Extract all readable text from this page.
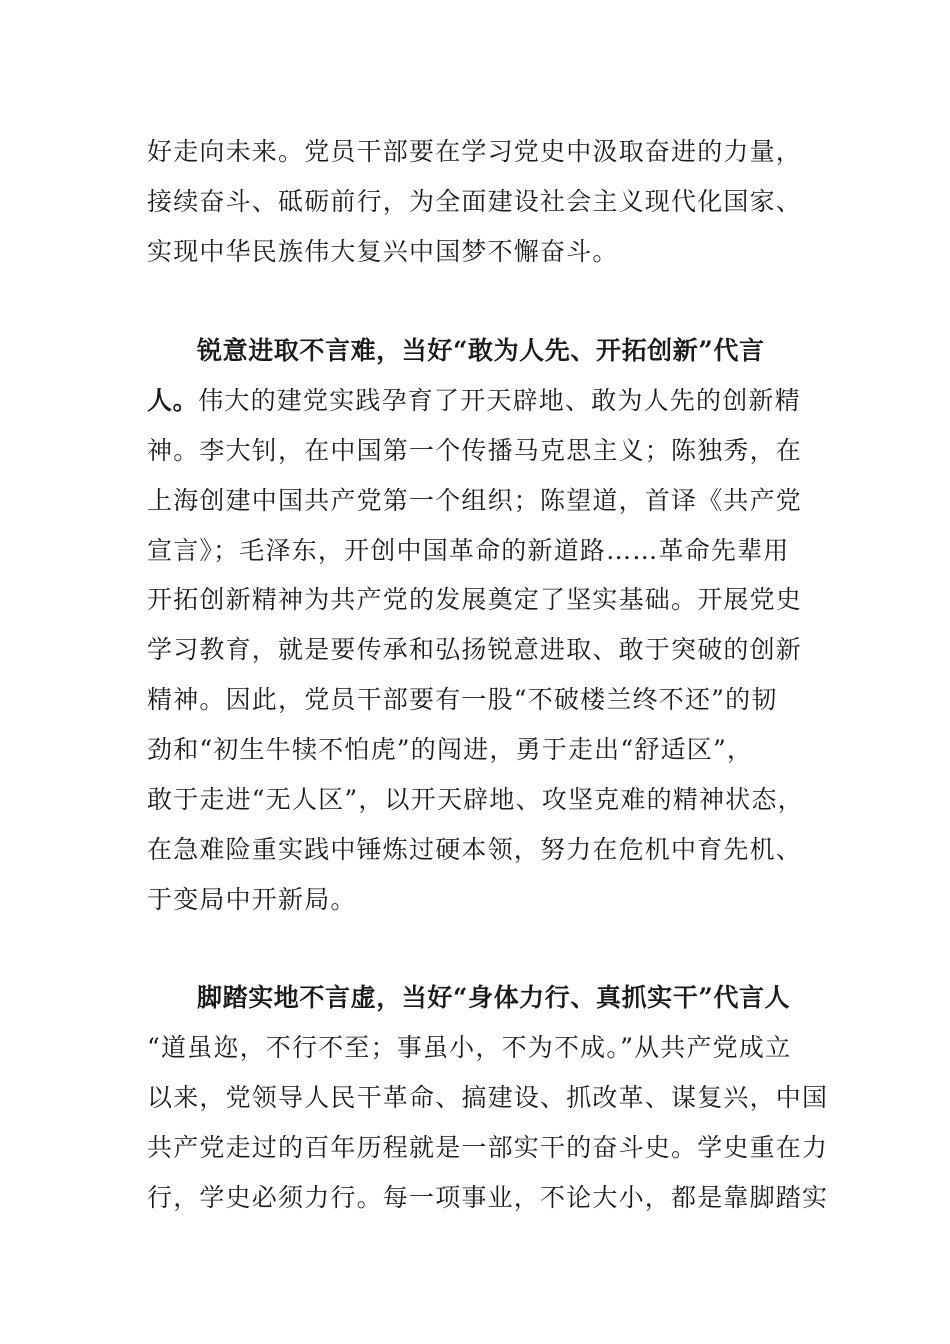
好走向未来。党员干部要在学习党史中汲取奋进的力量，
接续奋斗、砥砺前行，为全面建设社会主义现代化国家、
实现中华民族伟大复兴中国梦不懈奋斗。
锐意进取不言难，当好“敢为人先、开拓创新”代言
人。伟大的建党实践孕育了开天辟地、敢为人先的创新精
神。李大钊，在中国第一个传播马克思主义；陈独秀，在
上海创建中国共产党第一个组织；陈望道，首译《共产党
宣言》；毛泽东，开创中国革命的新道路……革命先辈用
开拓创新精神为共产党的发展奠定了坚实基础。开展党史
学习教育，就是要传承和弘扬锐意进取、敢于突破的创新
精神。因此，党员干部要有一股“不破楼兰终不还”的韧
劲和“初生牛犊不怕虎”的闯进，勇于走出“舒适区”，
敢于走进“无人区”，以开天辟地、攻坚克难的精神状态，
在急难险重实践中锤炼过硬本领，努力在危机中育先机、
于变局中开新局。
脚踏实地不言虚，当好“身体力行、真抓实干”代言人
“道虽迩，不行不至；事虽小，不为不成。”从共产党成立
以来，党领导人民干革命、搞建设、抓改革、谋复兴，中国
共产党走过的百年历程就是一部实干的奋斗史。学史重在力
行，学史必须力行。每一项事业，不论大小，都是靠脚踏实
